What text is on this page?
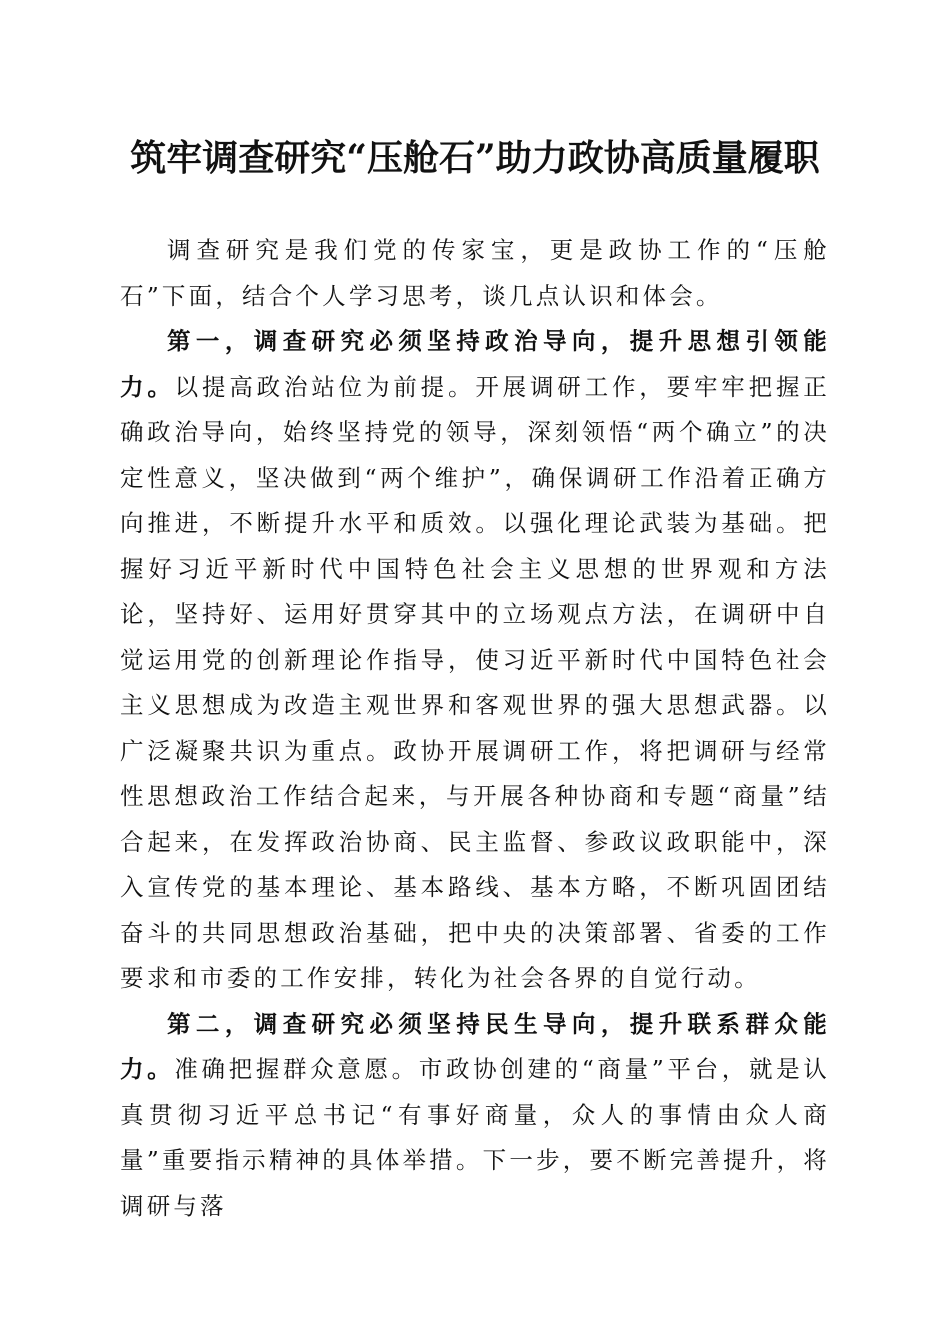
筑牢调查研究“压舱石”助力政协高质量履职

调查研究是我们党的传家宝，更是政协工作的“压舱石”下面，结合个人学习思考，谈几点认识和体会。

第一，调查研究必须坚持政治导向，提升思想引领能力。以提高政治站位为前提。开展调研工作，要牢牢把握正确政治导向，始终坚持党的领导，深刻领悟“两个确立”的决定性意义，坚决做到“两个维护”，确保调研工作沿着正确方向推进，不断提升水平和质效。以强化理论武装为基础。把握好习近平新时代中国特色社会主义思想的世界观和方法论，坚持好、运用好贯穿其中的立场观点方法，在调研中自觉运用党的创新理论作指导，使习近平新时代中国特色社会主义思想成为改造主观世界和客观世界的强大思想武器。以广泛凝聚共识为重点。政协开展调研工作，将把调研与经常性思想政治工作结合起来，与开展各种协商和专题“商量”结合起来，在发挥政治协商、民主监督、参政议政职能中，深入宣传党的基本理论、基本路线、基本方略，不断巩固团结奋斗的共同思想政治基础，把中央的决策部署、省委的工作要求和市委的工作安排，转化为社会各界的自觉行动。

第二，调查研究必须坚持民生导向，提升联系群众能力。准确把握群众意愿。市政协创建的“商量”平台，就是认真贯彻习近平总书记“有事好商量，众人的事情由众人商量”重要指示精神的具体举措。下一步，要不断完善提升，将调研与落
